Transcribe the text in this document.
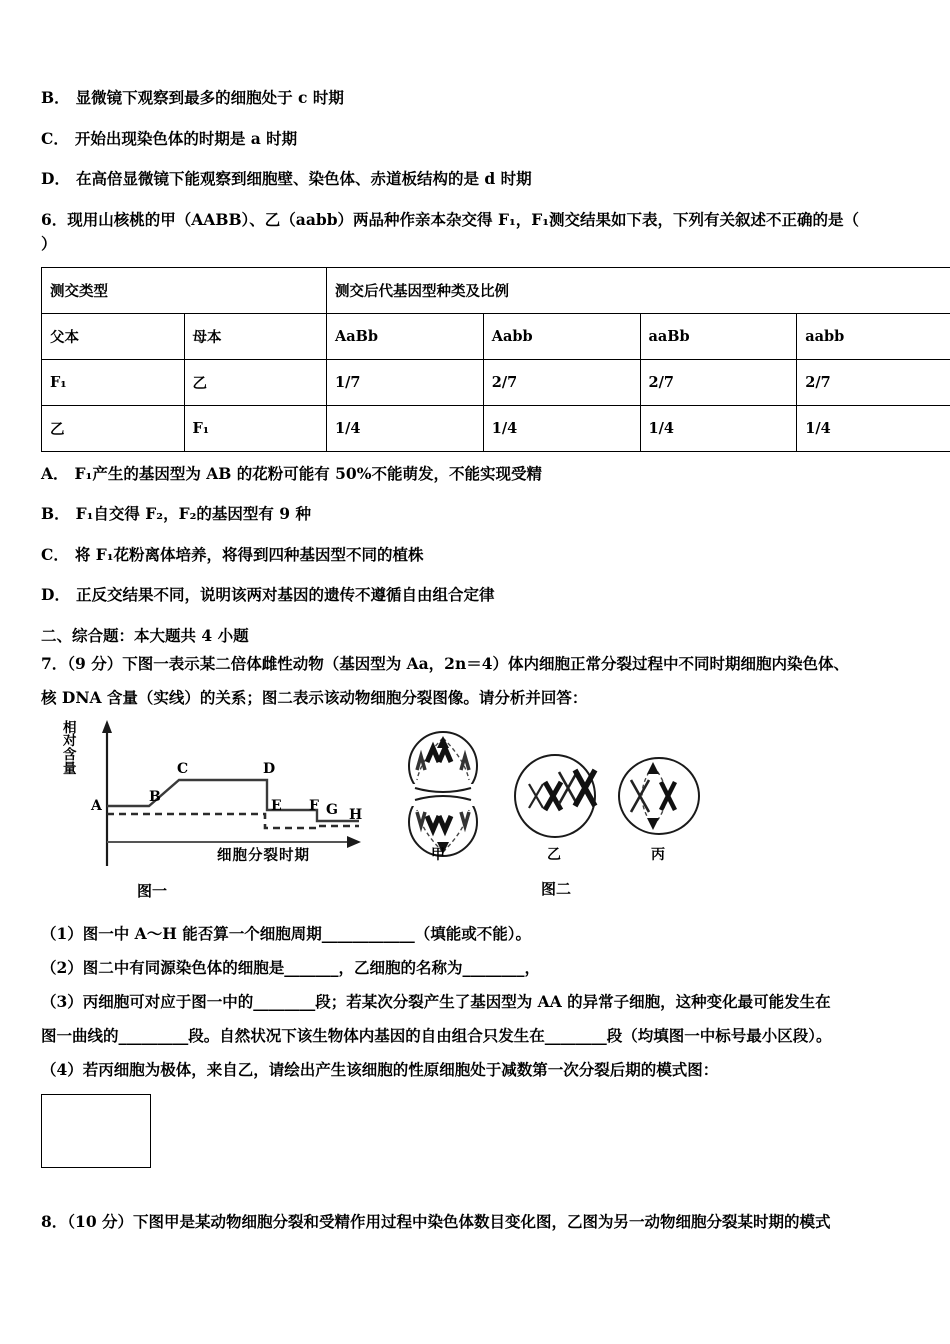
B． 显微镜下观察到最多的细胞处于 c 时期
C． 开始出现染色体的时期是 a 时期
D． 在高倍显微镜下能观察到细胞壁、染色体、赤道板结构的是 d 时期
6．现用山核桃的甲（AABB）、乙（aabb）两品种作亲本杂交得 F₁，F₁测交结果如下表，下列有关叙述不正确的是（
）
测交类型		测交后代基因型种类及比例			
父本	母本	AaBb	Aabb	aaBb	aabb
F₁	乙	1/7	2/7	2/7	2/7
乙	F₁	1/4	1/4	1/4	1/4
A． F₁产生的基因型为 AB 的花粉可能有 50%不能萌发，不能实现受精
B． F₁自交得 F₂，F₂的基因型有 9 种
C． 将 F₁花粉离体培养，将得到四种基因型不同的植株
D． 正反交结果不同，说明该两对基因的遗传不遵循自由组合定律
二、综合题：本大题共 4 小题
7．（9 分）下图一表示某二倍体雌性动物（基因型为 Aa，2n＝4）体内细胞正常分裂过程中不同时期细胞内染色体、
核 DNA 含量（实线）的关系；图二表示该动物细胞分裂图像。请分析并回答：
相对含量
A
B
C	D
E F G H
细胞分裂时期
图一
甲	乙	丙
图二
（1）图一中 A～H 能否算一个细胞周期____________（填能或不能）。
（2）图二中有同源染色体的细胞是_______，乙细胞的名称为________，
（3）丙细胞可对应于图一中的________段；若某次分裂产生了基因型为 AA 的异常子细胞，这种变化最可能发生在
图一曲线的_________段。自然状况下该生物体内基因的自由组合只发生在________段（均填图一中标号最小区段）。
（4）若丙细胞为极体，来自乙，请绘出产生该细胞的性原细胞处于减数第一次分裂后期的模式图：
8．（10 分）下图甲是某动物细胞分裂和受精作用过程中染色体数目变化图，乙图为另一动物细胞分裂某时期的模式
